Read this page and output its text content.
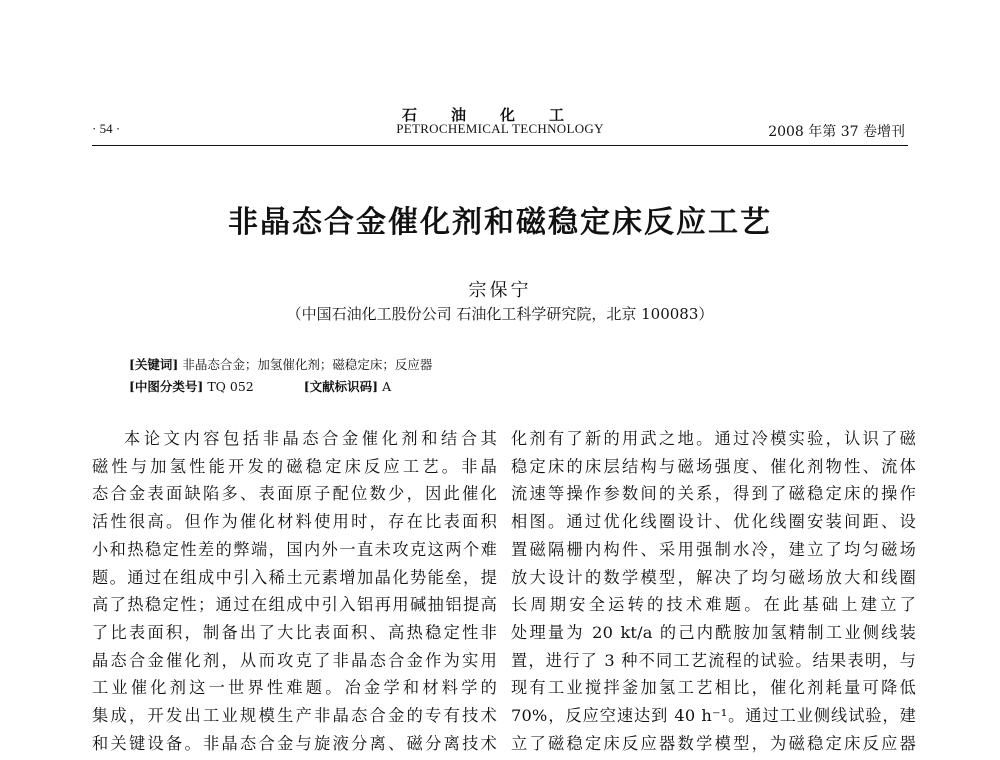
石油化工
PETROCHEMICAL TECHNOLOGY
· 54 ·	2008 年第 37 卷增刊
非晶态合金催化剂和磁稳定床反应工艺
宗保宁
（中国石油化工股份公司 石油化工科学研究院，北京 100083）
[关键词] 非晶态合金；加氢催化剂；磁稳定床；反应器
[中图分类号] TQ 052	[文献标识码] A

本论文内容包括非晶态合金催化剂和结合其

磁性与加氢性能开发的磁稳定床反应工艺。非晶

态合金表面缺陷多、表面原子配位数少，因此催化

活性很高。但作为催化材料使用时，存在比表面积

小和热稳定性差的弊端，国内外一直未攻克这两个难

题。通过在组成中引入稀土元素增加晶化势能垒，提

高了热稳定性；通过在组成中引入铝再用碱抽铝提高

了比表面积，制备出了大比表面积、高热稳定性非

晶态合金催化剂，从而攻克了非晶态合金作为实用

工业催化剂这一世界性难题。冶金学和材料学的

集成，开发出工业规模生产非晶态合金的专有技术

和关键设备。非晶态合金与旋液分离、磁分离技术

化剂有了新的用武之地。通过冷模实验，认识了磁

稳定床的床层结构与磁场强度、催化剂物性、流体

流速等操作参数间的关系，得到了磁稳定床的操作

相图。通过优化线圈设计、优化线圈安装间距、设

置磁隔栅内构件、采用强制水冷，建立了均匀磁场

放大设计的数学模型，解决了均匀磁场放大和线圈

长周期安全运转的技术难题。在此基础上建立了

处理量为 20 kt/a 的己内酰胺加氢精制工业侧线装

置，进行了 3 种不同工艺流程的试验。结果表明，与

现有工业搅拌釜加氢工艺相比，催化剂耗量可降低

70%，反应空速达到 40 h⁻¹。通过工业侧线试验，建

立了磁稳定床反应器数学模型，为磁稳定床反应器
